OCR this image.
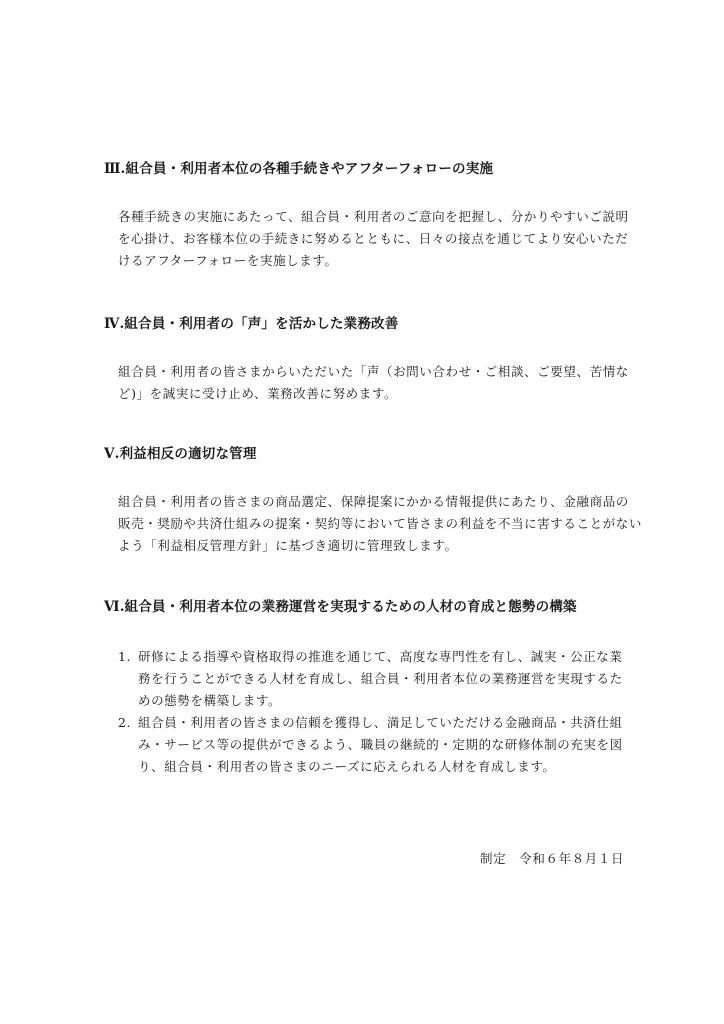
Ⅲ.組合員・利用者本位の各種手続きやアフターフォローの実施
各種手続きの実施にあたって、組合員・利用者のご意向を把握し、分かりやすいご説明
を心掛け、お客様本位の手続きに努めるとともに、日々の接点を通じてより安心いただ
けるアフターフォローを実施します。
Ⅳ.組合員・利用者の「声」を活かした業務改善
組合員・利用者の皆さまからいただいた「声（お問い合わせ・ご相談、ご要望、苦情な
ど)」を誠実に受け止め、業務改善に努めます。
Ⅴ.利益相反の適切な管理
組合員・利用者の皆さまの商品選定、保障提案にかかる情報提供にあたり、金融商品の
販売・奨励や共済仕組みの提案・契約等において皆さまの利益を不当に害することがない
よう「利益相反管理方針」に基づき適切に管理致します。
Ⅵ.組合員・利用者本位の業務運営を実現するための人材の育成と態勢の構築
1. 研修による指導や資格取得の推進を通じて、高度な専門性を有し、誠実・公正な業
務を行うことができる人材を育成し、組合員・利用者本位の業務運営を実現するた
めの態勢を構築します。
2. 組合員・利用者の皆さまの信頼を獲得し、満足していただける金融商品・共済仕組
み・サービス等の提供ができるよう、職員の継続的・定期的な研修体制の充実を図
り、組合員・利用者の皆さまのニーズに応えられる人材を育成します。
制定　令和６年８月１日
